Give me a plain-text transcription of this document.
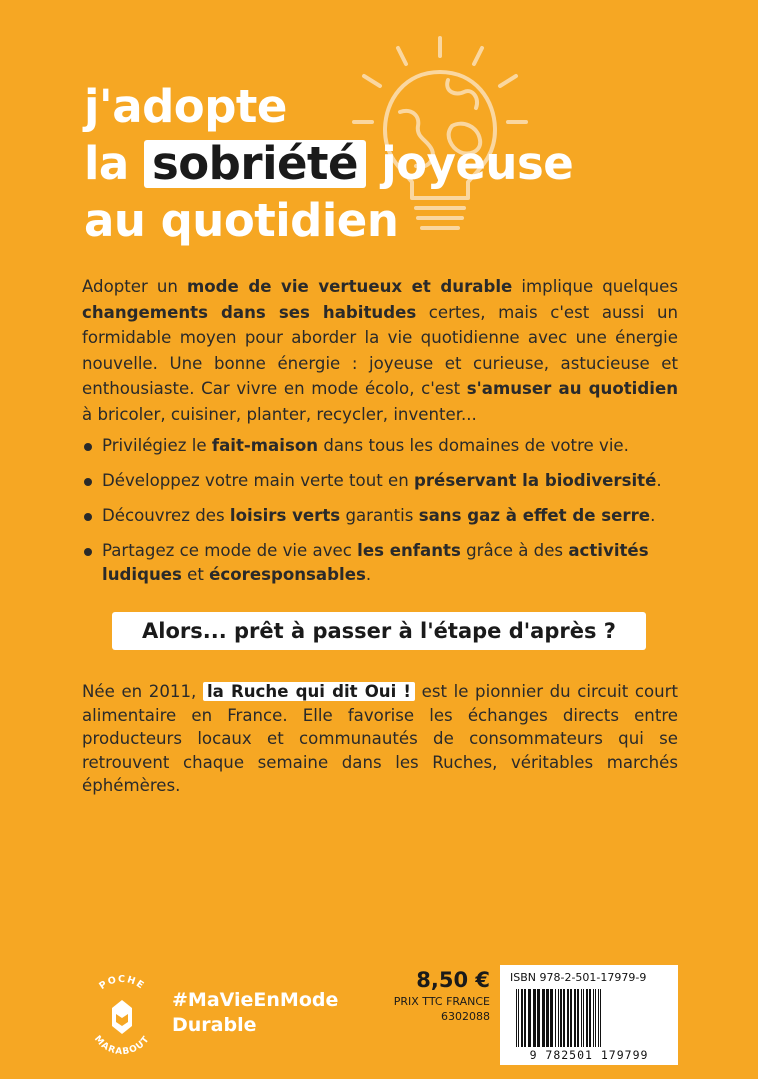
j'adopte
la sobriété joyeuse
au quotidien
Adopter un mode de vie vertueux et durable implique quelques changements dans ses habitudes certes, mais c'est aussi un formidable moyen pour aborder la vie quotidienne avec une énergie nouvelle. Une bonne énergie : joyeuse et curieuse, astucieuse et enthousiaste. Car vivre en mode écolo, c'est s'amuser au quotidien à bricoler, cuisiner, planter, recycler, inventer...
Privilégiez le fait-maison dans tous les domaines de votre vie.
Développez votre main verte tout en préservant la biodiversité.
Découvrez des loisirs verts garantis sans gaz à effet de serre.
Partagez ce mode de vie avec les enfants grâce à des activités ludiques et écoresponsables.
Alors... prêt à passer à l'étape d'après ?
Née en 2011, la Ruche qui dit Oui ! est le pionnier du circuit court alimentaire en France. Elle favorise les échanges directs entre producteurs locaux et communautés de consommateurs qui se retrouvent chaque semaine dans les Ruches, véritables marchés éphémères.
POCHE
MARABOUT
#MaVieEnMode
Durable
8,50 €
PRIX TTC FRANCE
6302088
ISBN 978-2-501-17979-9
9 782501 179799
